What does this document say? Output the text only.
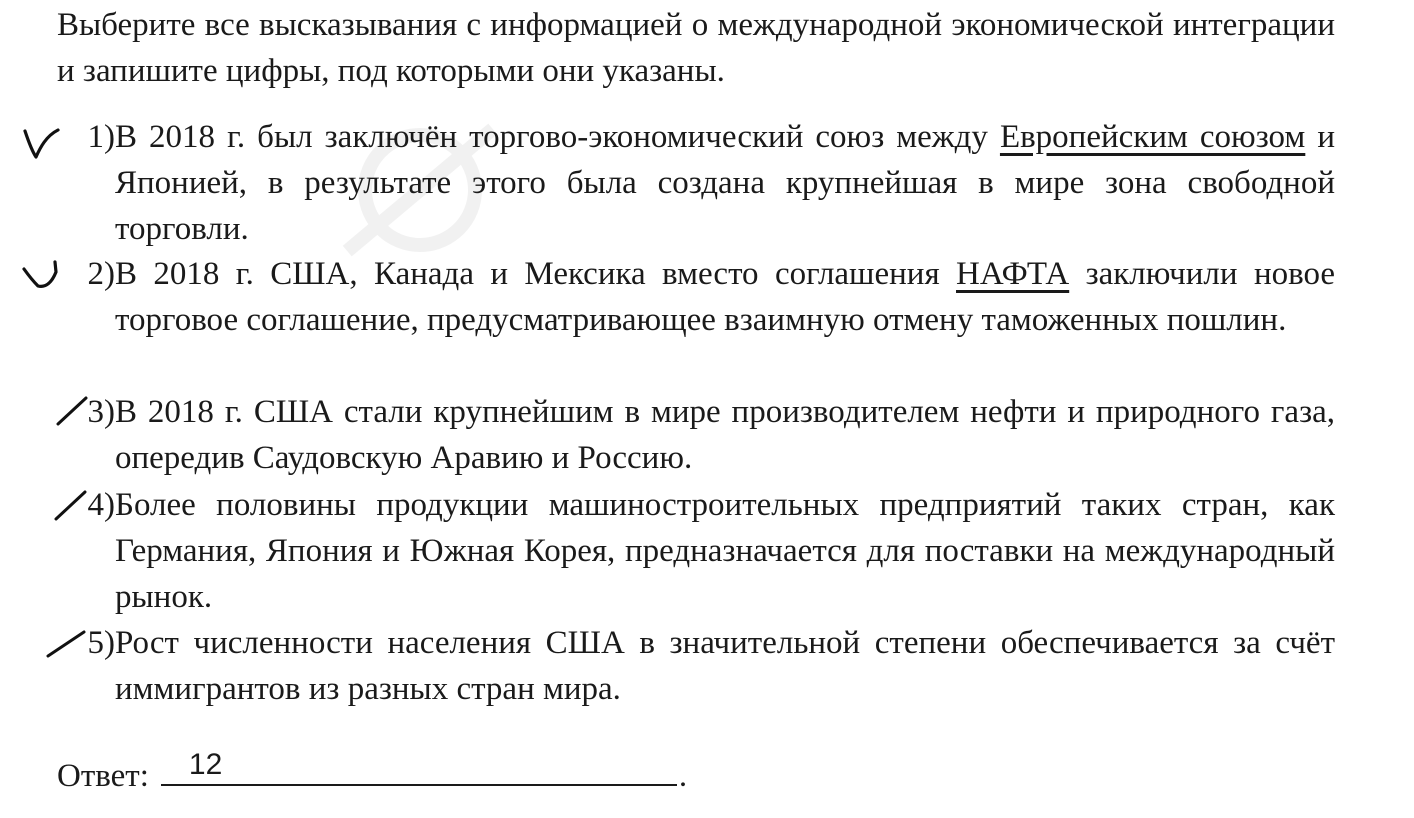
Выберите все высказывания с информацией о международной экономической интеграции и запишите цифры, под которыми они указаны.
1) В 2018 г. был заключён торгово-экономический союз между Европейским союзом и Японией, в результате этого была создана крупнейшая в мире зона свободной торговли.
2) В 2018 г. США, Канада и Мексика вместо соглашения НАФТА заключили новое торговое соглашение, предусматривающее взаимную отмену таможенных пошлин.
3) В 2018 г. США стали крупнейшим в мире производителем нефти и природного газа, опередив Саудовскую Аравию и Россию.
4) Более половины продукции машиностроительных предприятий таких стран, как Германия, Япония и Южная Корея, предназначается для поставки на международный рынок.
5) Рост численности населения США в значительной степени обеспечивается за счёт иммигрантов из разных стран мира.
Ответ: 12	.
